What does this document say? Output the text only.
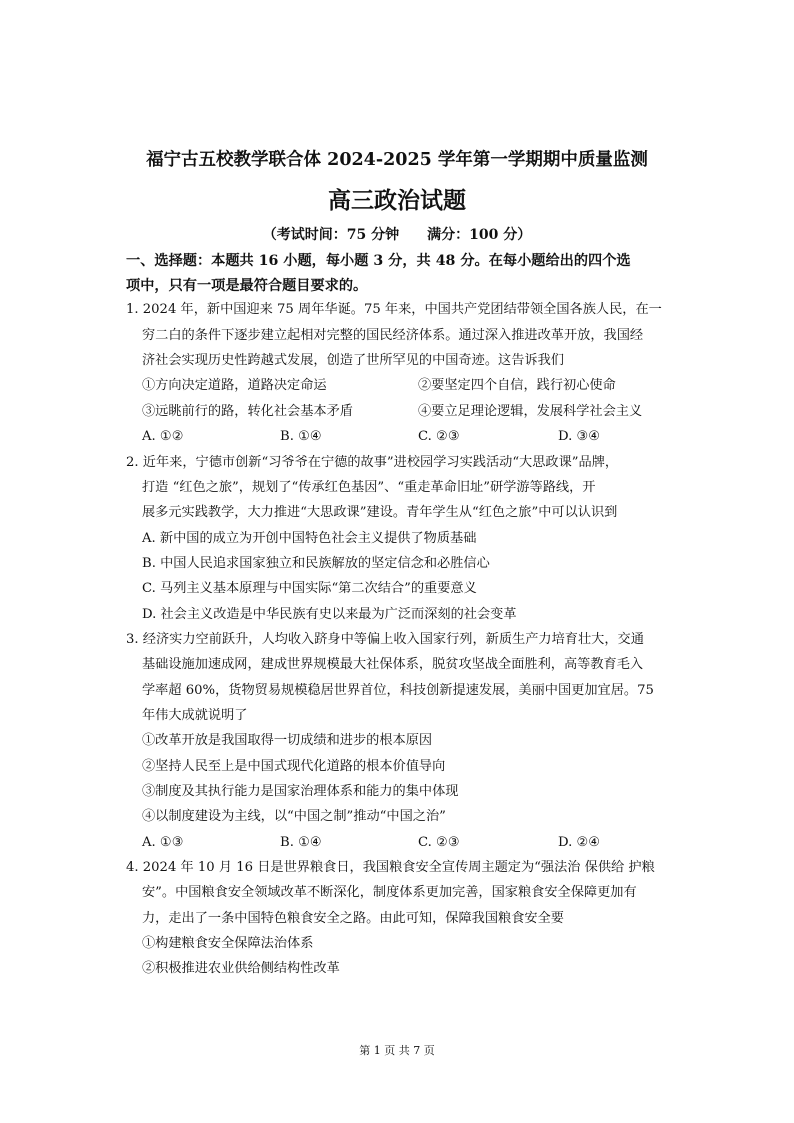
福宁古五校教学联合体 2024-2025 学年第一学期期中质量监测
高三政治试题
（考试时间：75 分钟　　满分：100 分）
一、选择题：本题共 16 小题，每小题 3 分，共 48 分。在每小题给出的四个选
项中，只有一项是最符合题目要求的。
1. 2024 年，新中国迎来 75 周年华诞。75 年来，中国共产党团结带领全国各族人民，在一
穷二白的条件下逐步建立起相对完整的国民经济体系。通过深入推进改革开放，我国经
济社会实现历史性跨越式发展，创造了世所罕见的中国奇迹。这告诉我们
①方向决定道路，道路决定命运	②要坚定四个自信，践行初心使命
③远眺前行的路，转化社会基本矛盾	④要立足理论逻辑，发展科学社会主义
A. ①②	B. ①④	C. ②③	D. ③④
2. 近年来，宁德市创新“习爷爷在宁德的故事”进校园学习实践活动“大思政课”品牌，
打造 “红色之旅”，规划了“传承红色基因”、“重走革命旧址”研学游等路线，开
展多元实践教学，大力推进“大思政课”建设。青年学生从“红色之旅”中可以认识到
A. 新中国的成立为开创中国特色社会主义提供了物质基础
B. 中国人民追求国家独立和民族解放的坚定信念和必胜信心
C. 马列主义基本原理与中国实际“第二次结合”的重要意义
D. 社会主义改造是中华民族有史以来最为广泛而深刻的社会变革
3. 经济实力空前跃升，人均收入跻身中等偏上收入国家行列，新质生产力培育壮大，交通
基础设施加速成网，建成世界规模最大社保体系，脱贫攻坚战全面胜利，高等教育毛入
学率超 60%，货物贸易规模稳居世界首位，科技创新提速发展，美丽中国更加宜居。75
年伟大成就说明了
①改革开放是我国取得一切成绩和进步的根本原因
②坚持人民至上是中国式现代化道路的根本价值导向
③制度及其执行能力是国家治理体系和能力的集中体现
④以制度建设为主线，以“中国之制”推动“中国之治”
A. ①③	B. ①④	C. ②③	D. ②④
4. 2024 年 10 月 16 日是世界粮食日，我国粮食安全宣传周主题定为“强法治 保供给 护粮
安”。中国粮食安全领域改革不断深化，制度体系更加完善，国家粮食安全保障更加有
力，走出了一条中国特色粮食安全之路。由此可知，保障我国粮食安全要
①构建粮食安全保障法治体系
②积极推进农业供给侧结构性改革
第 1 页 共 7 页
